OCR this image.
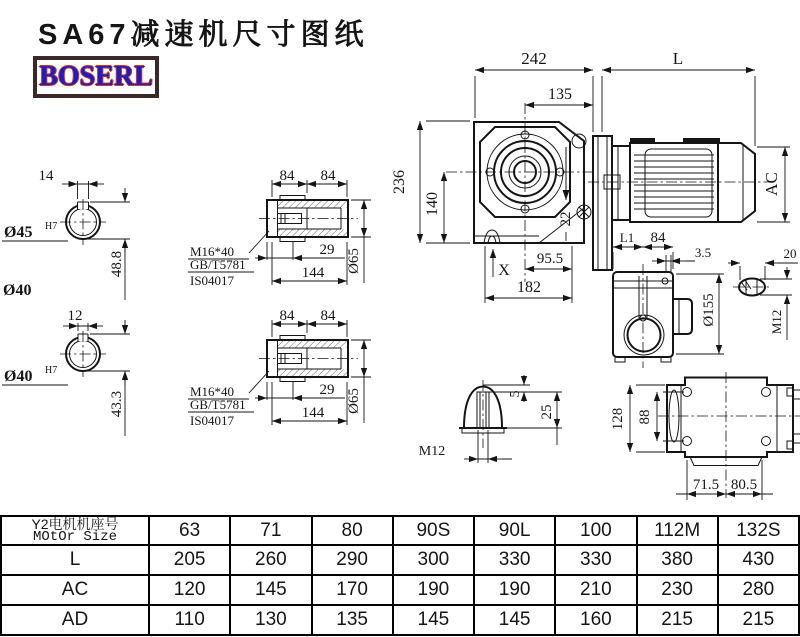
SA67减速机尺寸图纸
BOSERL
14
48.8
Ø45 H7
Ø40
12
43.3
Ø40 H7
84 84
29
144 Ø65
M16*40
GB/T5781
IS04017
84 84
29
144 Ø65
M16*40
GB/T5781
IS04017
242	L
135
236
140
22
X
95.5
182
AC
L1 84
3.5
Ø155
20
M12
128 88
71.5 80.5
5
25
M12
Y2电机机座号
MOtOr Size	63	71	80	90S	90L	100	112M	132S
L	205	260	290	300	330	330	380	430
AC	120	145	170	190	190	210	230	280
AD	110	130	135	145	145	160	215	215
